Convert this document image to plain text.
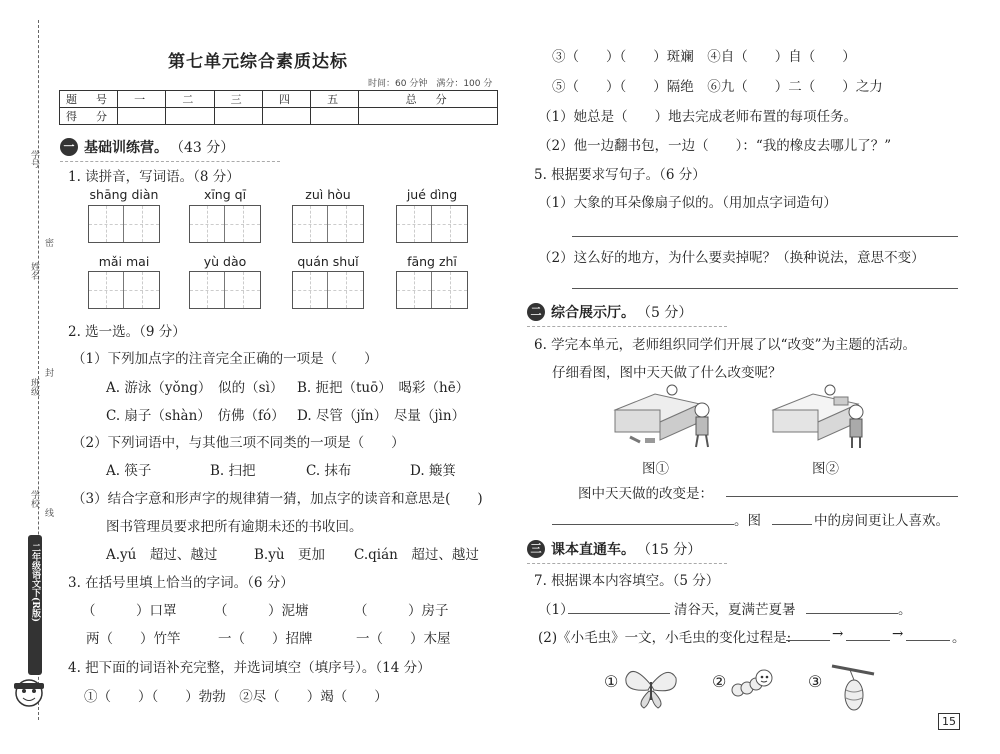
学号
姓名
班级
学校
密
封
线
二年级语文下(R版)
第七单元综合素质达标
时间：60 分钟　满分：100 分
题　号	一	二	三	四	五	总　分
得　分						
一 基础训练营。 （43 分）
1. 读拼音，写词语。（8 分）
shāng diàn	xīng qī	zuì hòu	jué dìng
mǎi mai	yù dào	quán shuǐ	fāng zhī
2. 选一选。（9 分）
（1）下列加点字的注音完全正确的一项是（　　）
A. 游泳（yǒng）　似的（sì） B. 扼把（tuō）　喝彩（hē）
C. 扇子（shàn）　仿佛（fó） D. 尽管（jǐn）　尽量（jìn）
（2）下列词语中，与其他三项不同类的一项是（　　）
A. 筷子	B. 扫把	C. 抹布	D. 簸箕
（3）结合字意和形声字的规律猜一猜，加点字的读音和意思是(　　)
图书管理员要求把所有逾期未还的书收回。
A.yú　超过、越过	B.yù　更加 C.qián　超过、越过
3. 在括号里填上恰当的字词。（6 分）
（　　　）口罩	（　　　）泥塘	（　　　）房子
两（　　）竹竿	一（　　）招牌	一（　　）木屋
4. 把下面的词语补充完整，并选词填空（填序号）。（14 分）
①（　　）（　　）勃勃　②尽（　　）竭（　　）
③（　　）（　　）斑斓　④自（　　）自（　　）
⑤（　　）（　　）隔绝　⑥九（　　）二（　　）之力
（1）她总是（　　）地去完成老师布置的每项任务。
（2）他一边翻书包，一边（　　）：“我的橡皮去哪儿了？”
5. 根据要求写句子。（6 分）
（1）大象的耳朵像扇子似的。（用加点字词造句）
（2）这么好的地方，为什么要卖掉呢？（换种说法，意思不变）
二 综合展示厅。 （5 分）
6. 学完本单元，老师组织同学们开展了以“改变”为主题的活动。
仔细看图，图中天天做了什么改变呢？
图①	图②
图中天天做的改变是：
。图	中的房间更让人喜欢。
三 课本直通车。 （15 分）
7. 根据课本内容填空。（5 分）
（1）	清谷天，夏满芒夏暑	。
(2)《小毛虫》一文，小毛虫的变化过程是:	→	→	。
①	②	③
15
